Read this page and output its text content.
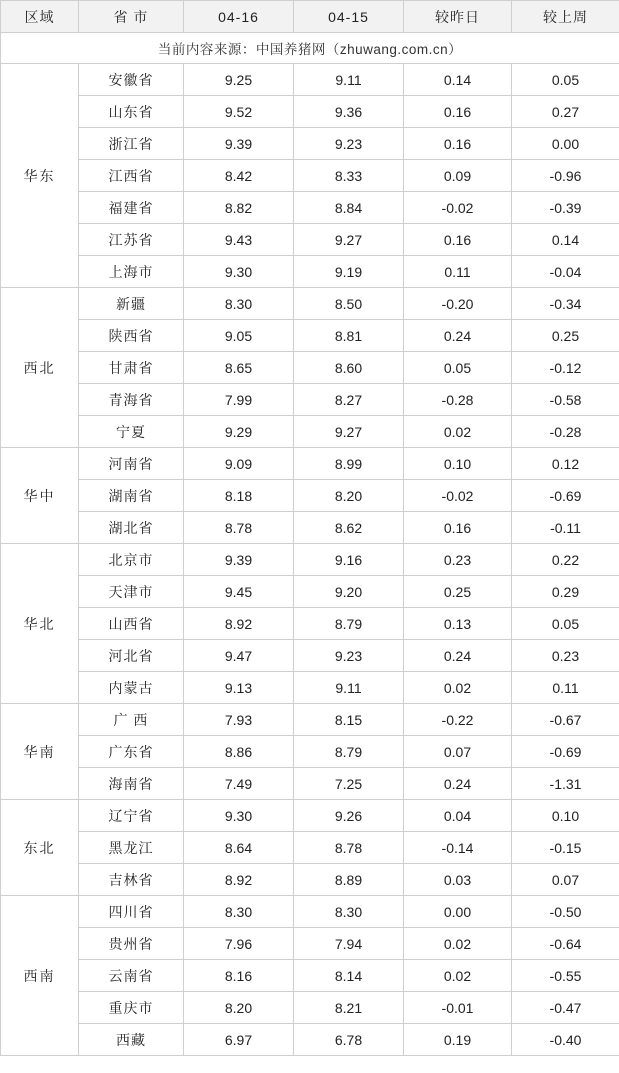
区域	省 市	04-16	04-15	较昨日	较上周
当前内容来源：中国养猪网（zhuwang.com.cn）					
华东	安徽省	9.25	9.11	0.14	0.05
	山东省	9.52	9.36	0.16	0.27
	浙江省	9.39	9.23	0.16	0.00
	江西省	8.42	8.33	0.09	-0.96
	福建省	8.82	8.84	-0.02	-0.39
	江苏省	9.43	9.27	0.16	0.14
	上海市	9.30	9.19	0.11	-0.04
西北	新疆	8.30	8.50	-0.20	-0.34
	陕西省	9.05	8.81	0.24	0.25
	甘肃省	8.65	8.60	0.05	-0.12
	青海省	7.99	8.27	-0.28	-0.58
	宁夏	9.29	9.27	0.02	-0.28
华中	河南省	9.09	8.99	0.10	0.12
	湖南省	8.18	8.20	-0.02	-0.69
	湖北省	8.78	8.62	0.16	-0.11
华北	北京市	9.39	9.16	0.23	0.22
	天津市	9.45	9.20	0.25	0.29
	山西省	8.92	8.79	0.13	0.05
	河北省	9.47	9.23	0.24	0.23
	内蒙古	9.13	9.11	0.02	0.11
华南	广 西	7.93	8.15	-0.22	-0.67
	广东省	8.86	8.79	0.07	-0.69
	海南省	7.49	7.25	0.24	-1.31
东北	辽宁省	9.30	9.26	0.04	0.10
	黑龙江	8.64	8.78	-0.14	-0.15
	吉林省	8.92	8.89	0.03	0.07
西南	四川省	8.30	8.30	0.00	-0.50
	贵州省	7.96	7.94	0.02	-0.64
	云南省	8.16	8.14	0.02	-0.55
	重庆市	8.20	8.21	-0.01	-0.47
	西藏	6.97	6.78	0.19	-0.40
